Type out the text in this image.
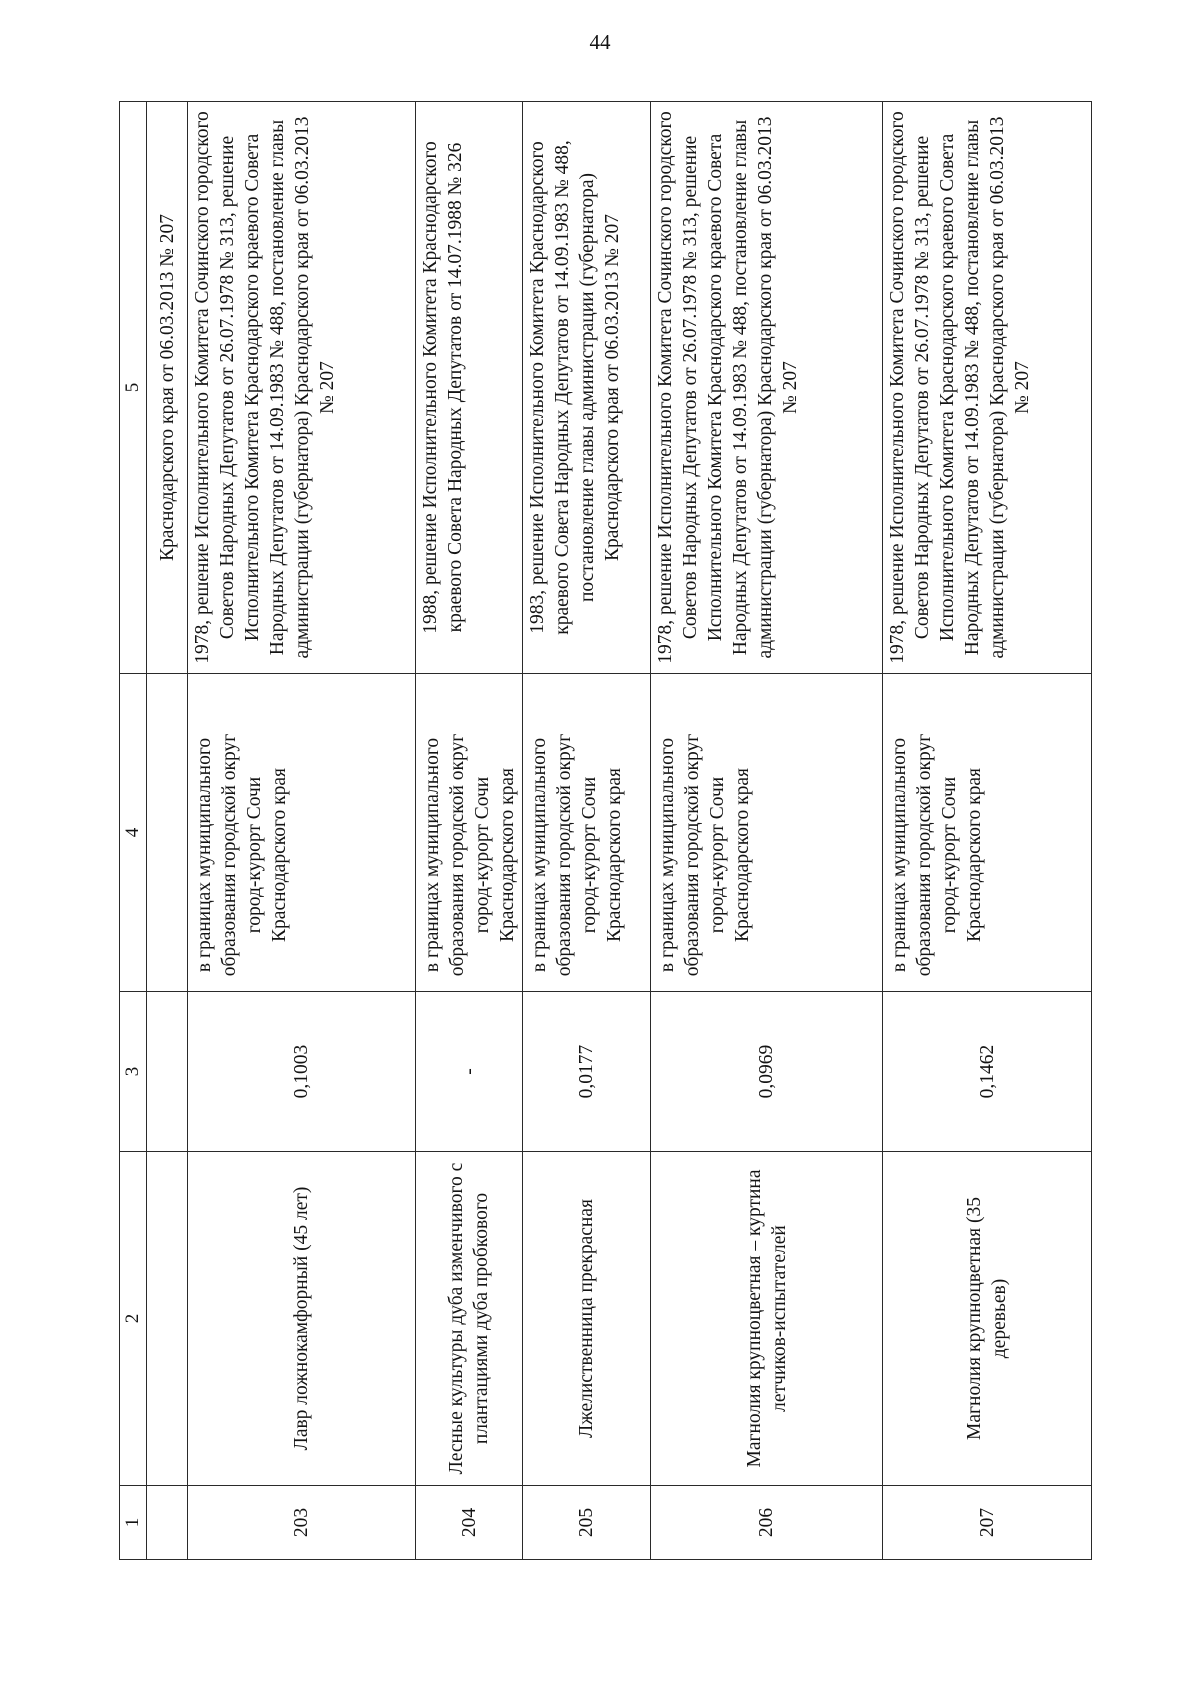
44
1	2	3	4	5
				Краснодарского края от 06.03.2013 № 207
203	Лавр ложнокамфорный (45 лет)	0,1003	в границах муниципального образования городской округ город-курорт Сочи Краснодарского края	1978, решение Исполнительного Комитета Сочинского городского Советов Народных Депутатов от 26.07.1978 № 313, решение Исполнительного Комитета Краснодарского краевого Совета Народных Депутатов от 14.09.1983 № 488, постановление главы администрации (губернатора) Краснодарского края от 06.03.2013 № 207
204	Лесные культуры дуба изменчивого с плантациями дуба пробкового	-	в границах муниципального образования городской округ город-курорт Сочи Краснодарского края	1988, решение Исполнительного Комитета Краснодарского краевого Совета Народных Депутатов от 14.07.1988 № 326
205	Лжелиственница прекрасная	0,0177	в границах муниципального образования городской округ город-курорт Сочи Краснодарского края	1983, решение Исполнительного Комитета Краснодарского краевого Совета Народных Депутатов от 14.09.1983 № 488, постановление главы администрации (губернатора) Краснодарского края от 06.03.2013 № 207
206	Магнолия крупноцветная – куртина летчиков-испытателей	0,0969	в границах муниципального образования городской округ город-курорт Сочи Краснодарского края	1978, решение Исполнительного Комитета Сочинского городского Советов Народных Депутатов от 26.07.1978 № 313, решение Исполнительного Комитета Краснодарского краевого Совета Народных Депутатов от 14.09.1983 № 488, постановление главы администрации (губернатора) Краснодарского края от 06.03.2013 № 207
207	Магнолия крупноцветная (35 деревьев)	0,1462	в границах муниципального образования городской округ город-курорт Сочи Краснодарского края	1978, решение Исполнительного Комитета Сочинского городского Советов Народных Депутатов от 26.07.1978 № 313, решение Исполнительного Комитета Краснодарского краевого Совета Народных Депутатов от 14.09.1983 № 488, постановление главы администрации (губернатора) Краснодарского края от 06.03.2013 № 207
